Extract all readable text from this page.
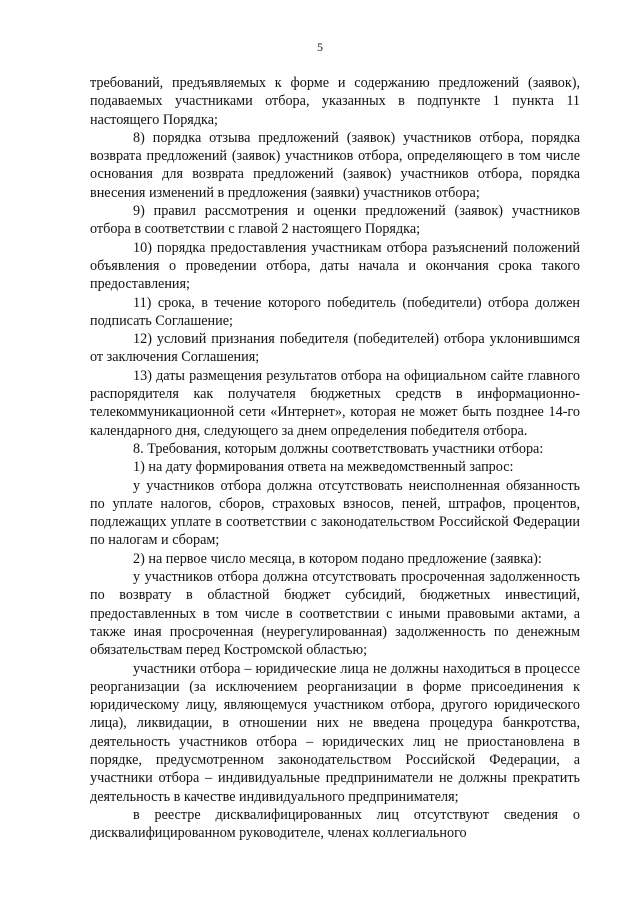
5

требований, предъявляемых к форме и содержанию предложений (заявок), подаваемых участниками отбора, указанных в подпункте 1 пункта 11 настоящего Порядка;

8) порядка отзыва предложений (заявок) участников отбора, порядка возврата предложений (заявок) участников отбора, определяющего в том числе основания для возврата предложений (заявок) участников отбора, порядка внесения изменений в предложения (заявки) участников отбора;

9) правил рассмотрения и оценки предложений (заявок) участников отбора в соответствии с главой 2 настоящего Порядка;

10) порядка предоставления участникам отбора разъяснений положений объявления о проведении отбора, даты начала и окончания срока такого предоставления;

11) срока, в течение которого победитель (победители) отбора должен подписать Соглашение;

12) условий признания победителя (победителей) отбора уклонившимся от заключения Соглашения;

13) даты размещения результатов отбора на официальном сайте главного распорядителя как получателя бюджетных средств в информационно-телекоммуникационной сети «Интернет», которая не может быть позднее 14-го календарного дня, следующего за днем определения победителя отбора.

8. Требования, которым должны соответствовать участники отбора:

1) на дату формирования ответа на межведомственный запрос:

у участников отбора должна отсутствовать неисполненная обязанность по уплате налогов, сборов, страховых взносов, пеней, штрафов, процентов, подлежащих уплате в соответствии с законодательством Российской Федерации по налогам и сборам;

2) на первое число месяца, в котором подано предложение (заявка):

у участников отбора должна отсутствовать просроченная задолженность по возврату в областной бюджет субсидий, бюджетных инвестиций, предоставленных в том числе в соответствии с иными правовыми актами, а также иная просроченная (неурегулированная) задолженность по денежным обязательствам перед Костромской областью;

участники отбора – юридические лица не должны находиться в процессе реорганизации (за исключением реорганизации в форме присоединения к юридическому лицу, являющемуся участником отбора, другого юридического лица), ликвидации, в отношении них не введена процедура банкротства, деятельность участников отбора – юридических лиц не приостановлена в порядке, предусмотренном законодательством Российской Федерации, а участники отбора – индивидуальные предприниматели не должны прекратить деятельность в качестве индивидуального предпринимателя;

в реестре дисквалифицированных лиц отсутствуют сведения о дисквалифицированном руководителе, членах коллегиального
